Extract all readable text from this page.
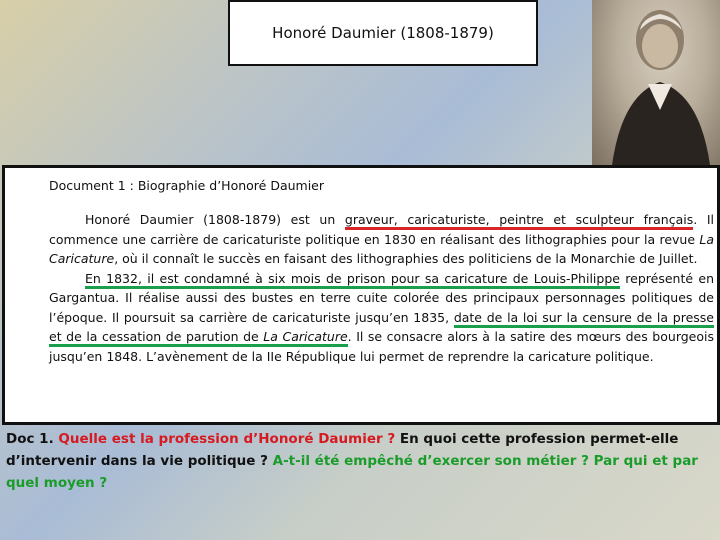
Honoré Daumier (1808-1879)
Document 1 : Biographie d’Honoré Daumier

Honoré Daumier (1808-1879) est un graveur, caricaturiste, peintre et sculpteur français. Il commence une carrière de caricaturiste politique en 1830 en réalisant des lithographies pour la revue La Caricature, où il connaît le succès en faisant des lithographies des politiciens de la Monarchie de Juillet.

En 1832, il est condamné à six mois de prison pour sa caricature de Louis-Philippe représenté en Gargantua. Il réalise aussi des bustes en terre cuite colorée des principaux personnages politiques de l’époque. Il poursuit sa carrière de caricaturiste jusqu’en 1835, date de la loi sur la censure de la presse et de la cessation de parution de La Caricature. Il se consacre alors à la satire des mœurs des bourgeois jusqu’en 1848. L’avènement de la IIe République lui permet de reprendre la caricature politique.

Doc 1. Quelle est la profession d’Honoré Daumier ? En quoi cette profession permet-elle d’intervenir dans la vie politique ? A-t-il été empêché d’exercer son métier ? Par qui et par quel moyen ?
